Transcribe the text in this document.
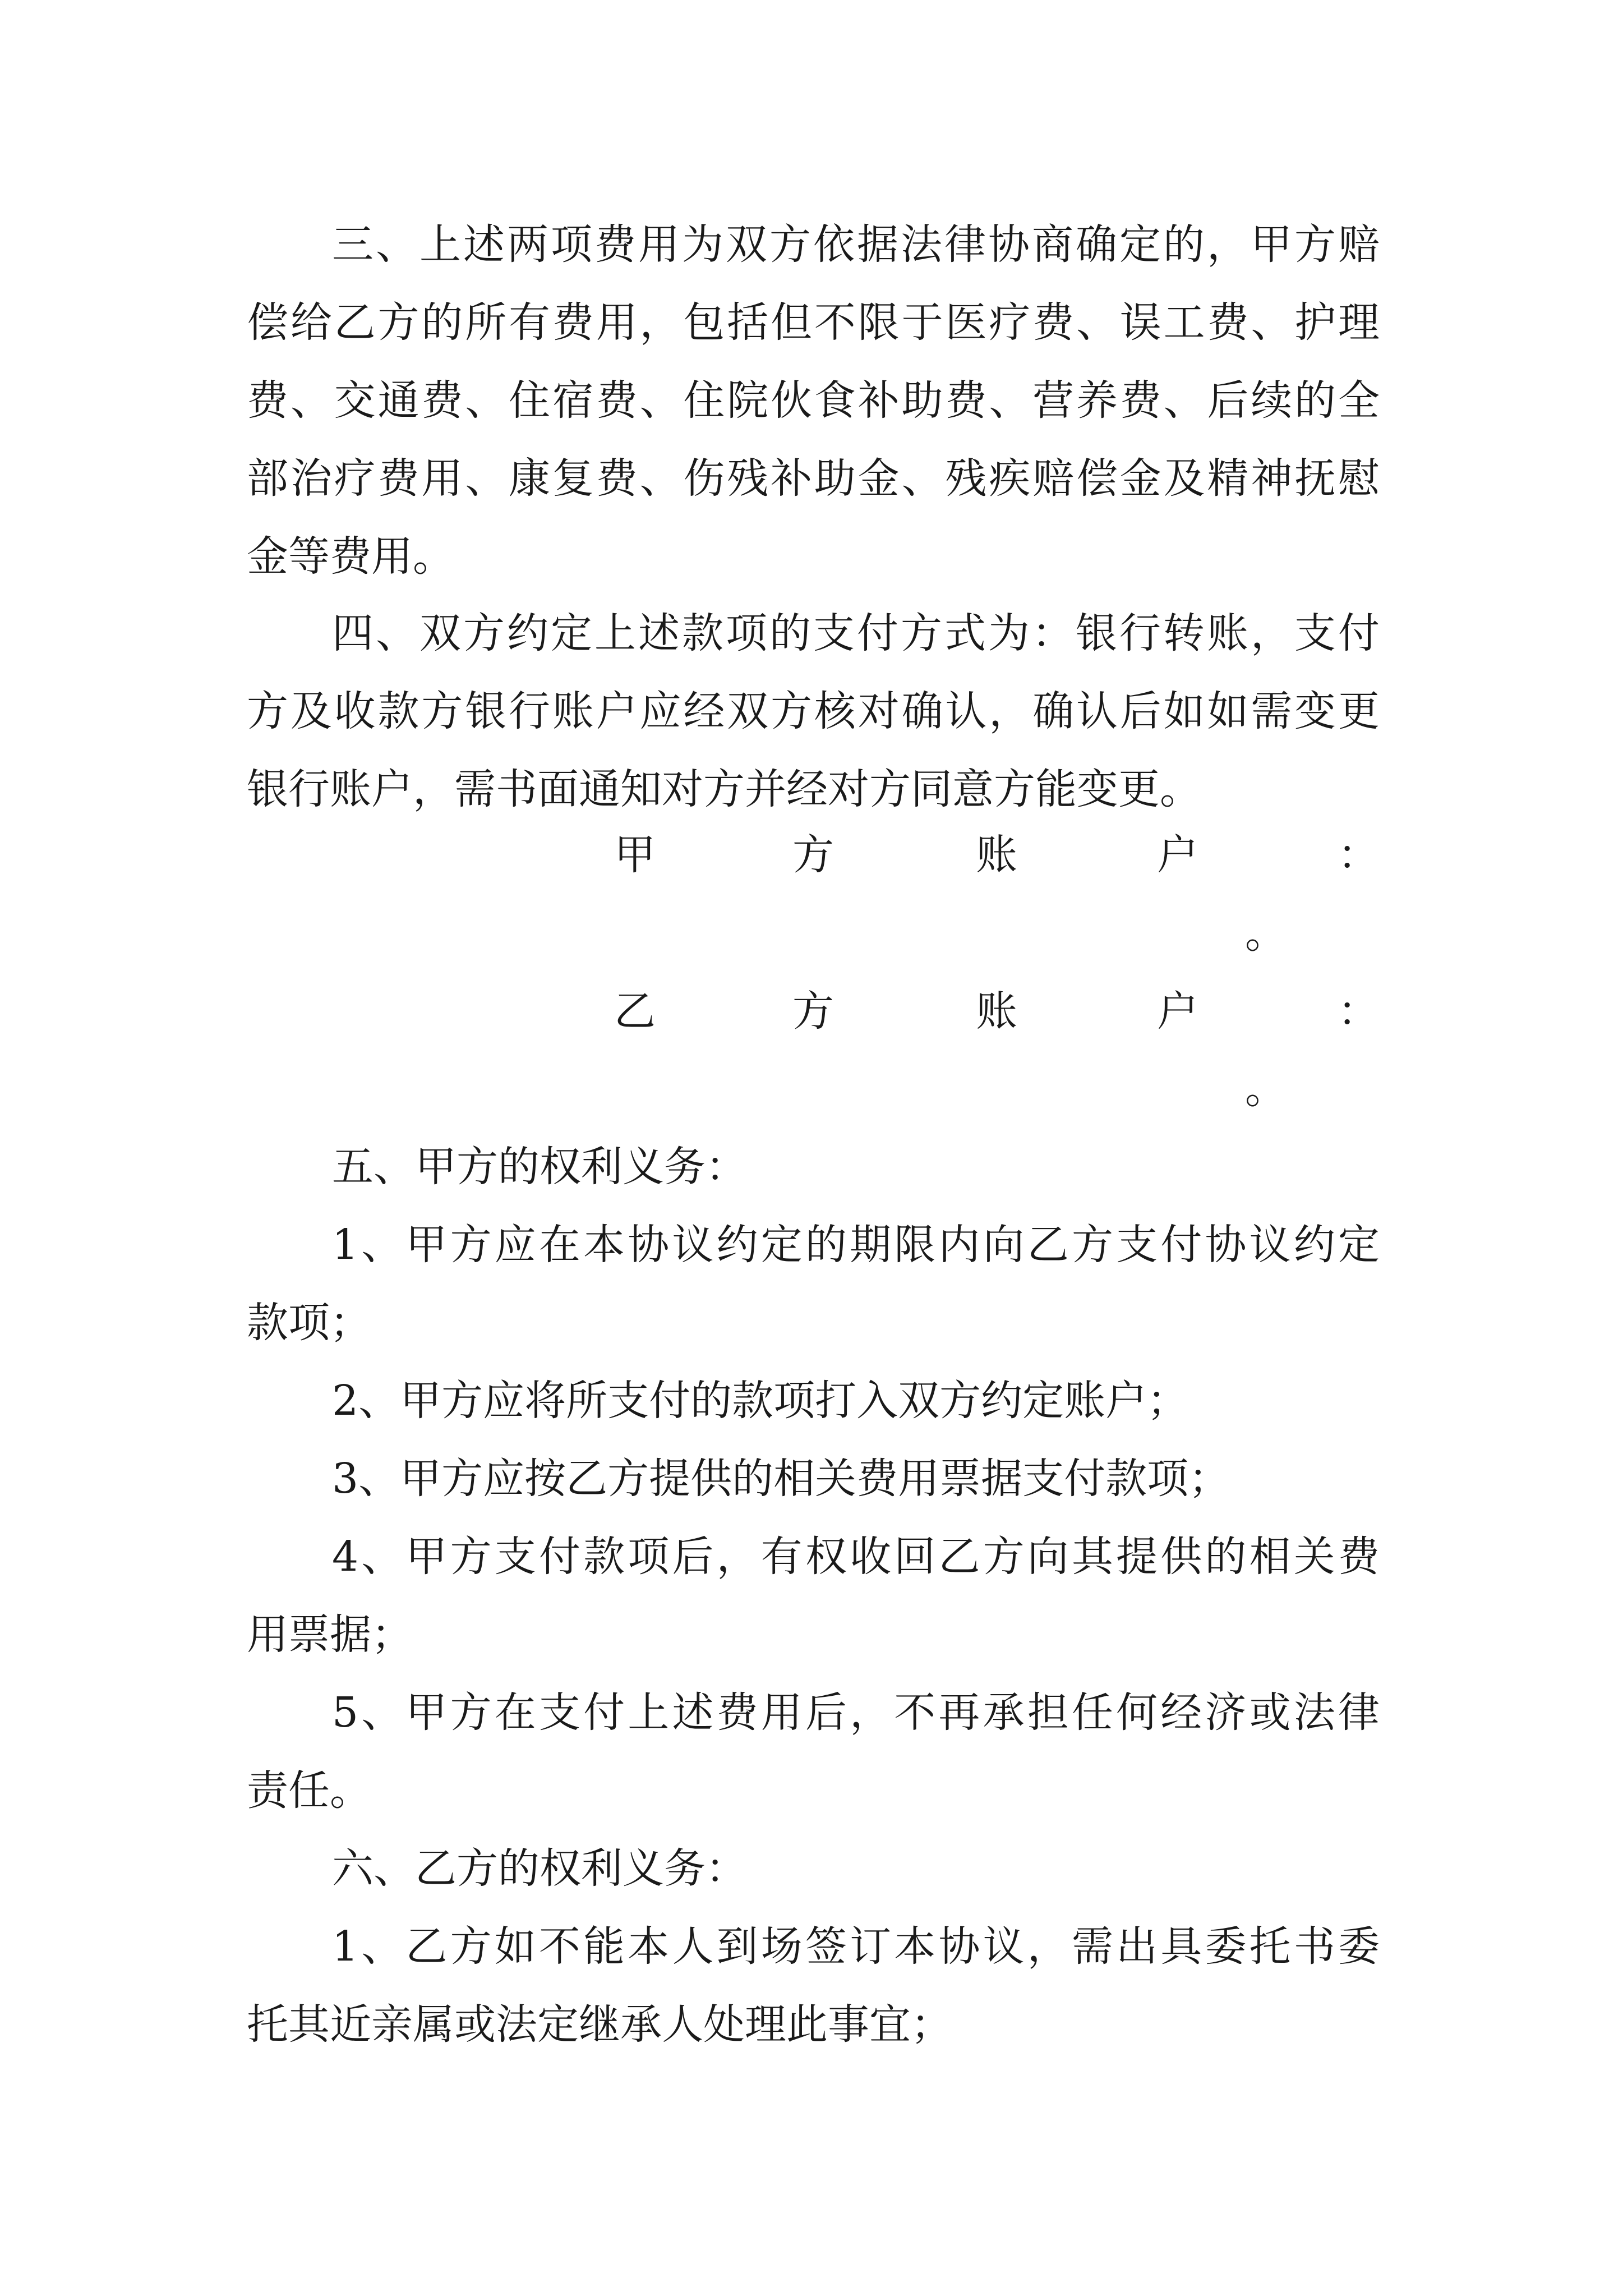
三、上述两项费用为双方依据法律协商确定的，甲方赔
偿给乙方的所有费用，包括但不限于医疗费、误工费、护理
费、交通费、住宿费、住院伙食补助费、营养费、后续的全
部治疗费用、康复费、伤残补助金、残疾赔偿金及精神抚慰
金等费用。
四、双方约定上述款项的支付方式为：银行转账，支付
方及收款方银行账户应经双方核对确认，确认后如如需变更
银行账户，需书面通知对方并经对方同意方能变更。
甲	方	账	户	：
。
乙	方	账	户	：
。
五、甲方的权利义务：
1、甲方应在本协议约定的期限内向乙方支付协议约定
款项；
2、甲方应将所支付的款项打入双方约定账户；
3、甲方应按乙方提供的相关费用票据支付款项；
4、甲方支付款项后，有权收回乙方向其提供的相关费
用票据；
5、甲方在支付上述费用后，不再承担任何经济或法律
责任。
六、乙方的权利义务：
1、乙方如不能本人到场签订本协议，需出具委托书委
托其近亲属或法定继承人处理此事宜；
